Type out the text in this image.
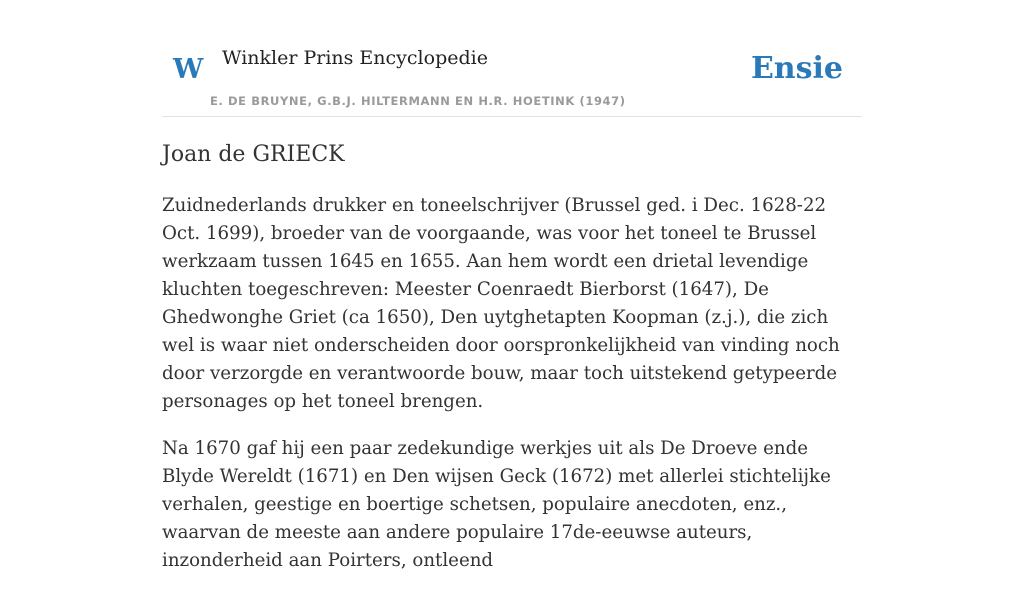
W Winkler Prins Encyclopedie
E. DE BRUYNE, G.B.J. HILTERMANN EN H.R. HOETINK (1947)
Ensie
Joan de GRIECK

Zuidnederlands drukker en toneelschrijver (Brussel ged. i Dec. 1628-22 Oct. 1699), broeder van de voorgaande, was voor het toneel te Brussel werkzaam tussen 1645 en 1655. Aan hem wordt een drietal levendige kluchten toegeschreven: Meester Coenraedt Bierborst (1647), De Ghedwonghe Griet (ca 1650), Den uytghetapten Koopman (z.j.), die zich wel is waar niet onderscheiden door oorspronkelijkheid van vinding noch door verzorgde en verantwoorde bouw, maar toch uitstekend getypeerde personages op het toneel brengen.

Na 1670 gaf hij een paar zedekundige werkjes uit als De Droeve ende Blyde Wereldt (1671) en Den wijsen Geck (1672) met allerlei stichtelijke verhalen, geestige en boertige schetsen, populaire anecdoten, enz., waarvan de meeste aan andere populaire 17de-eeuwse auteurs, inzonderheid aan Poirters, ontleend
